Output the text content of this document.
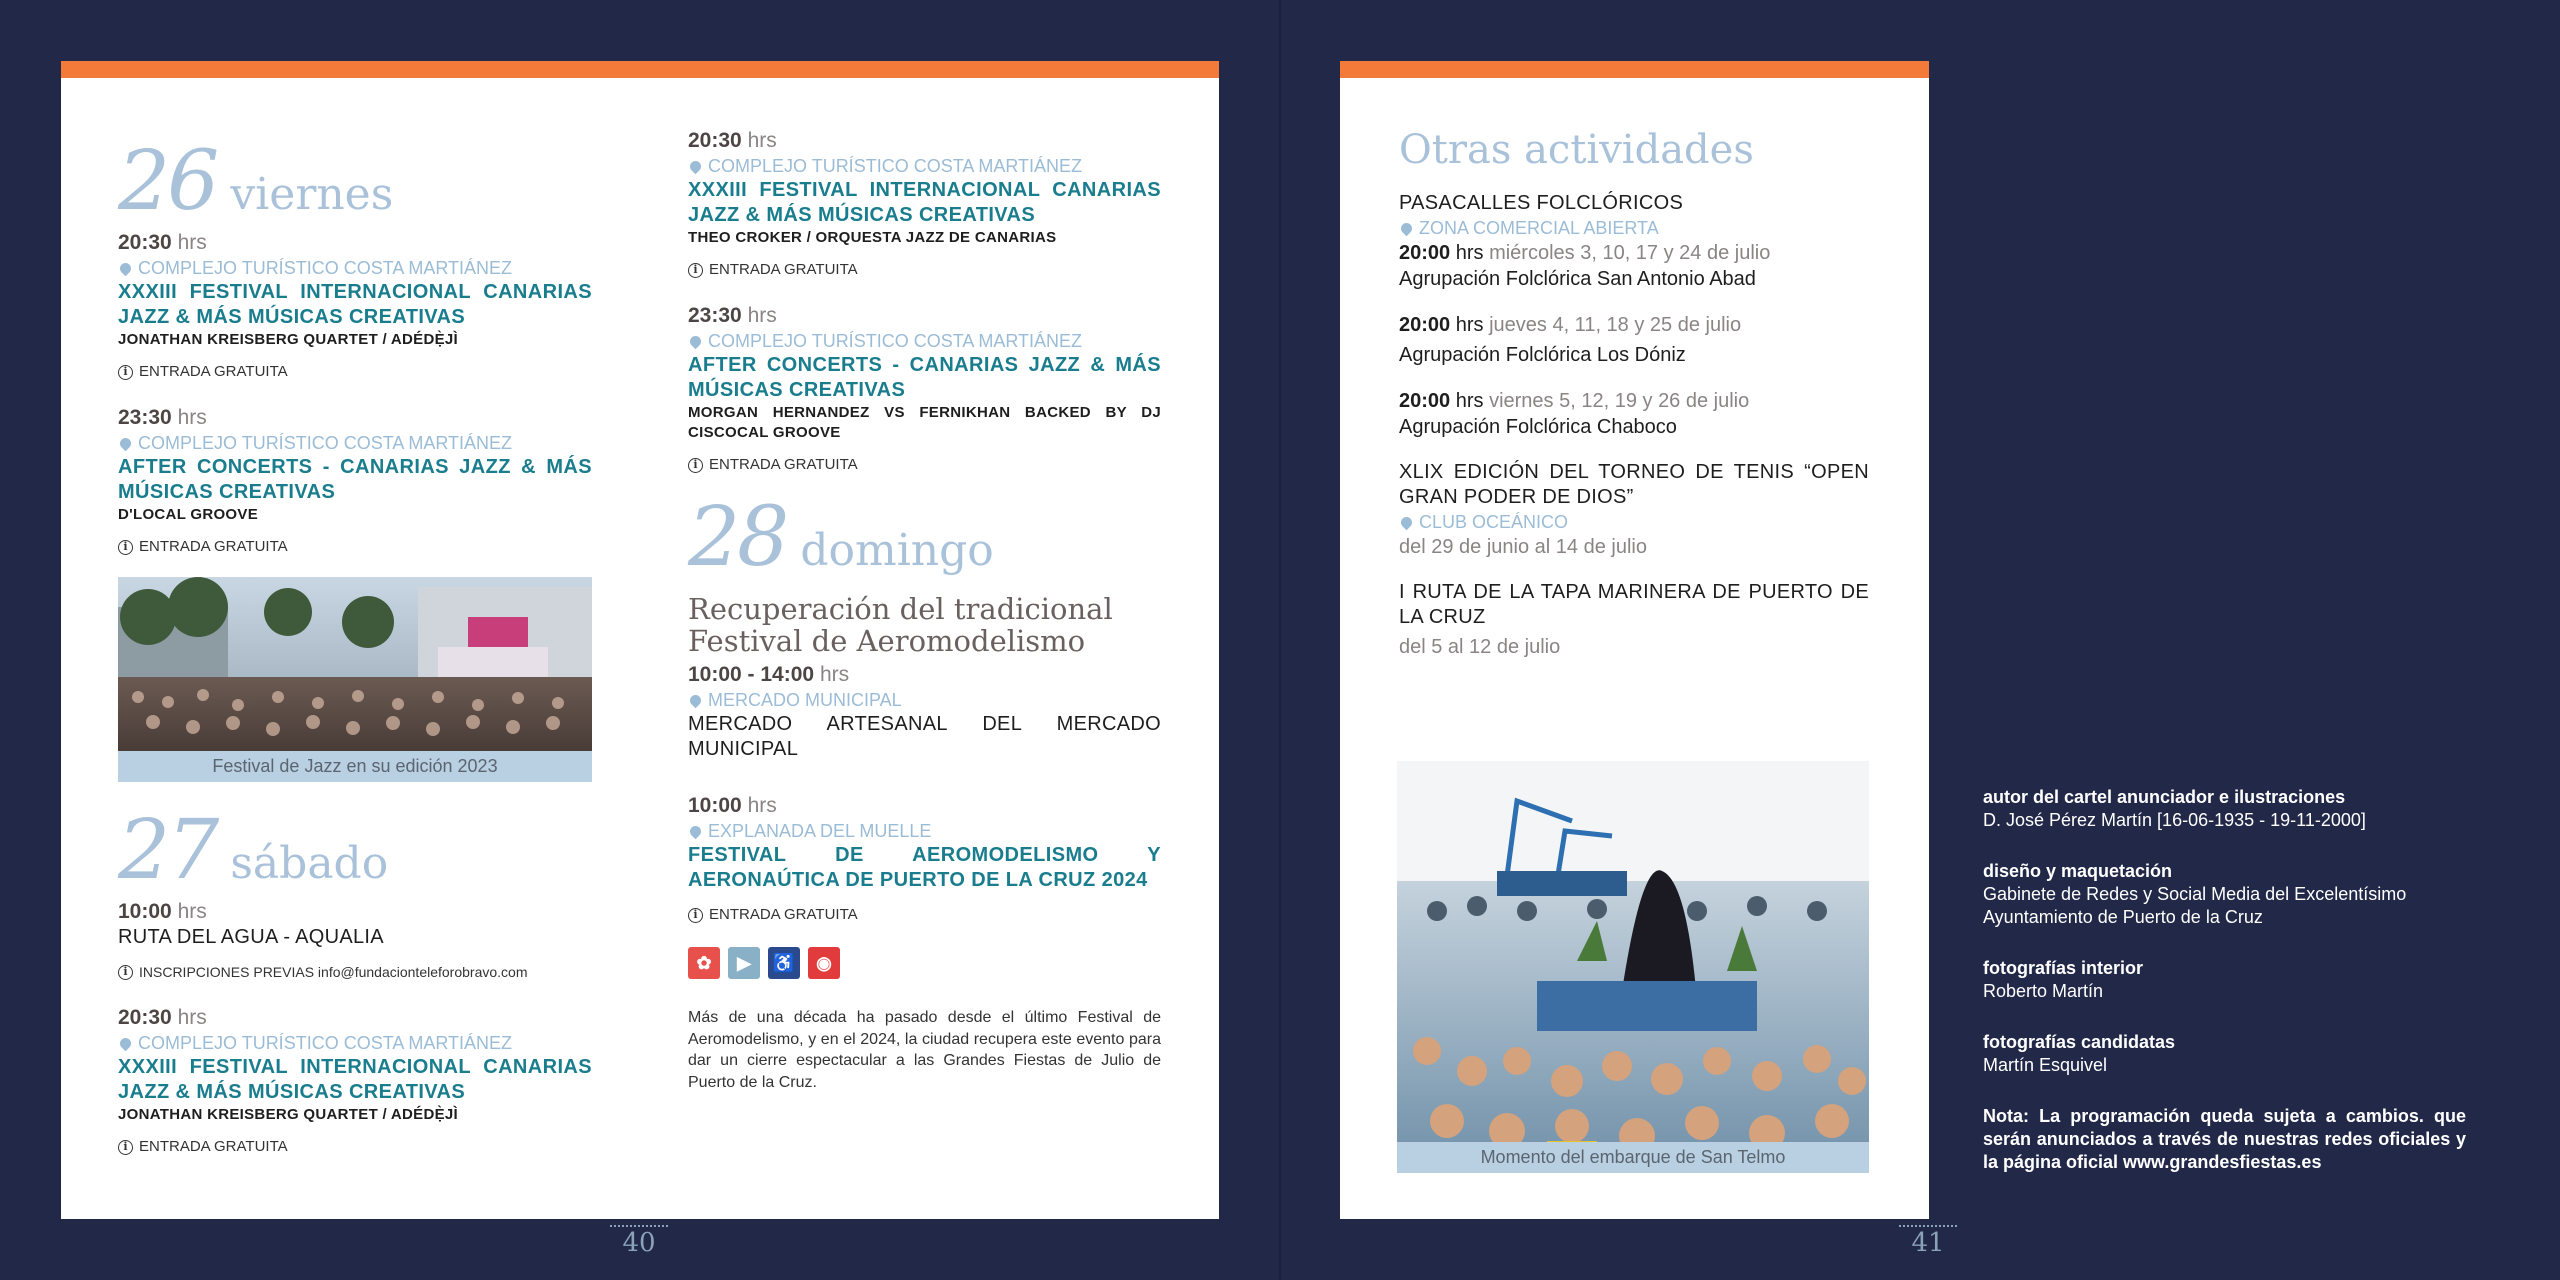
26 viernes
20:30 hrs
COMPLEJO TURÍSTICO COSTA MARTIÁNEZ
XXXIII FESTIVAL INTERNACIONAL CANARIAS JAZZ & MÁS MÚSICAS CREATIVAS
JONATHAN KREISBERG QUARTET / ADÉDẸ̀JÌ
i ENTRADA GRATUITA
23:30 hrs
COMPLEJO TURÍSTICO COSTA MARTIÁNEZ
AFTER CONCERTS - CANARIAS JAZZ & MÁS MÚSICAS CREATIVAS
D'LOCAL GROOVE
i ENTRADA GRATUITA
Festival de Jazz en su edición 2023
27 sábado
10:00 hrs
RUTA DEL AGUA - AQUALIA
i INSCRIPCIONES PREVIAS info@fundacionteleforobravo.com
20:30 hrs
COMPLEJO TURÍSTICO COSTA MARTIÁNEZ
XXXIII FESTIVAL INTERNACIONAL CANARIAS JAZZ & MÁS MÚSICAS CREATIVAS
JONATHAN KREISBERG QUARTET / ADÉDẸ̀JÌ
i ENTRADA GRATUITA
20:30 hrs
COMPLEJO TURÍSTICO COSTA MARTIÁNEZ
XXXIII FESTIVAL INTERNACIONAL CANARIAS JAZZ & MÁS MÚSICAS CREATIVAS
THEO CROKER / ORQUESTA JAZZ DE CANARIAS
i ENTRADA GRATUITA
23:30 hrs
COMPLEJO TURÍSTICO COSTA MARTIÁNEZ
AFTER CONCERTS - CANARIAS JAZZ & MÁS MÚSICAS CREATIVAS
MORGAN HERNANDEZ VS FERNIKHAN BACKED BY DJ CISCOCAL GROOVE
i ENTRADA GRATUITA
28 domingo
Recuperación del tradicional Festival de Aeromodelismo
10:00 - 14:00 hrs
MERCADO MUNICIPAL
MERCADO ARTESANAL DEL MERCADO MUNICIPAL
10:00 hrs
EXPLANADA DEL MUELLE
FESTIVAL DE AEROMODELISMO Y AERONAÚTICA DE PUERTO DE LA CRUZ 2024
i ENTRADA GRATUITA
✿	▶	♿	◉
Más de una década ha pasado desde el último Festival de Aeromodelismo, y en el 2024, la ciudad recupera este evento para dar un cierre espectacular a las Grandes Fiestas de Julio de Puerto de la Cruz.
40
Otras actividades
PASACALLES FOLCLÓRICOS
ZONA COMERCIAL ABIERTA
20:00 hrs miércoles 3, 10, 17 y 24 de julio
Agrupación Folclórica San Antonio Abad
20:00 hrs jueves 4, 11, 18 y 25 de julio
Agrupación Folclórica Los Dóniz
20:00 hrs viernes 5, 12, 19 y 26 de julio
Agrupación Folclórica Chaboco
XLIX EDICIÓN DEL TORNEO DE TENIS “OPEN GRAN PODER DE DIOS”
CLUB OCEÁNICO
del 29 de junio al 14 de julio
I RUTA DE LA TAPA MARINERA DE PUERTO DE LA CRUZ
del 5 al 12 de julio
Momento del embarque de San Telmo
41
autor del cartel anunciador e ilustraciones
D. José Pérez Martín [16-06-1935 - 19-11-2000]
diseño y maquetación
Gabinete de Redes y Social Media del Excelentísimo Ayuntamiento de Puerto de la Cruz
fotografías interior
Roberto Martín
fotografías candidatas
Martín Esquivel
Nota: La programación queda sujeta a cambios. que serán anunciados a través de nuestras redes oficiales y la página oficial www.grandesfiestas.es
